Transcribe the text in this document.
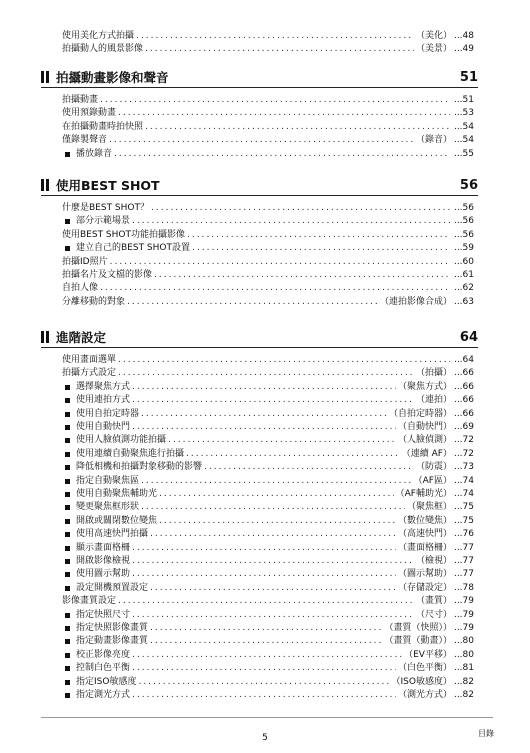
5	目錄
使用美化方式拍攝 .....	（美化） ...48
拍攝動人的風景影像 .....	（美景） ...49
拍攝動畫影像和聲音	51
拍攝動畫 .....	...51
使用預錄動畫 .....	...53
在拍攝動畫時拍快照 .....	...54
僅錄製聲音 .....	（錄音） ...54
播放錄音 .....	...55
使用BEST SHOT	56
什麼是BEST SHOT？ .....	...56
部分示範場景 .....	...56
使用BEST SHOT功能拍攝影像 .....	...56
建立自己的BEST SHOT設置 .....	...59
拍攝ID照片 .....	...60
拍攝名片及文檔的影像 .....	...61
自拍人像 .....	...62
分離移動的對象 .....	（連拍影像合成） ...63
進階設定	64
使用畫面選單 .....	...64
拍攝方式設定 .....	（拍攝） ...66
選擇聚焦方式 .....	（聚焦方式） ...66
使用連拍方式 .....	（連拍） ...66
使用自拍定時器 .....	（自拍定時器） ...66
使用自動快門 .....	（自動快門） ...69
使用人臉偵測功能拍攝 .....	（人臉偵測） ...72
使用連續自動聚焦進行拍攝 .....	（連續 AF） ...72
降低相機和拍攝對象移動的影響 .....	（防震） ...73
指定自動聚焦區 .....	（AF區） ...74
使用自動聚焦輔助光 .....	（AF輔助光） ...74
變更聚焦框形狀 .....	（聚焦框） ...75
開啟或關閉數位變焦 .....	（數位變焦） ...75
使用高速快門拍攝 .....	（高速快門） ...76
顯示畫面格柵 .....	（畫面格柵） ...77
開啟影像檢視 .....	（檢視） ...77
使用圖示幫助 .....	（圖示幫助） ...77
設定開機預置設定 .....	（存儲設定） ...78
影像畫質設定 .....	（畫質） ...79
指定快照尺寸 .....	（尺寸） ...79
指定快照影像畫質 .....	（畫質（快照）） ...79
指定動畫影像畫質 .....	（畫質（動畫）） ...80
校正影像亮度 .....	（EV平移） ...80
控制白色平衡 .....	（白色平衡） ...81
指定ISO敏感度 .....	（ISO敏感度） ...82
指定測光方式 .....	（測光方式） ...82
